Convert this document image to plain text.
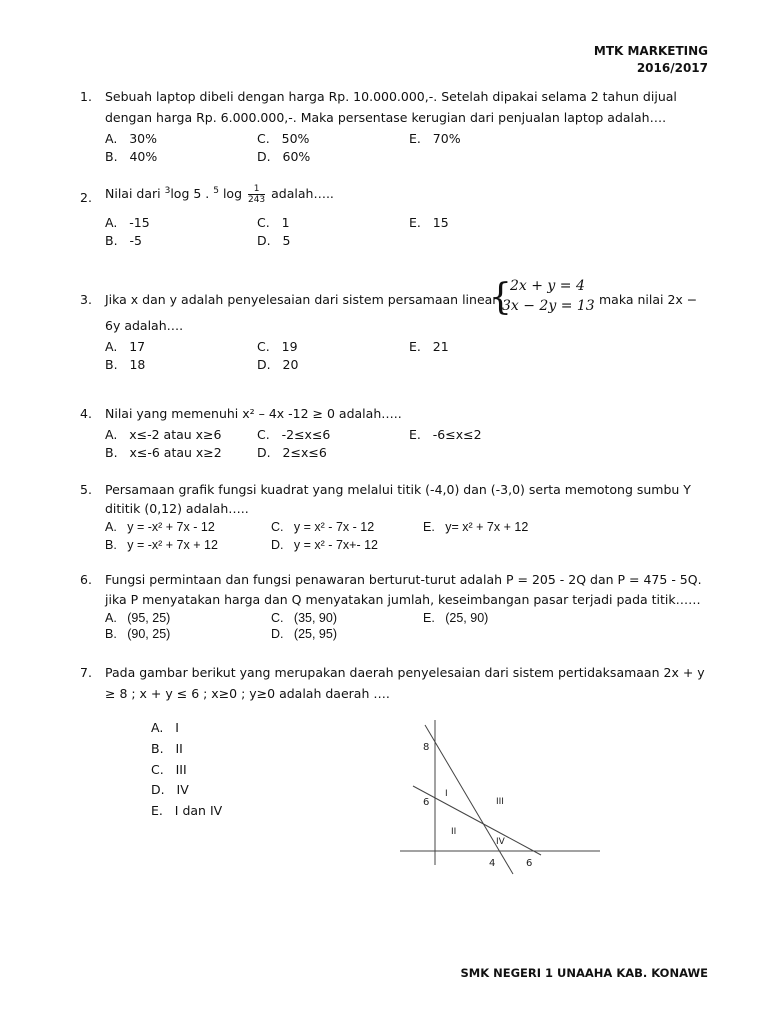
MTK MARKETING
2016/2017
1. Sebuah laptop dibeli dengan harga Rp. 10.000.000,-. Setelah dipakai selama 2 tahun dijual
dengan harga Rp. 6.000.000,-. Maka persentase kerugian dari penjualan laptop adalah….
A. 30%	C. 50%	E. 70%
B. 40%	D. 60%
2. Nilai dari $^3$log 5 . $^5$ $\log \frac{1}{243}$ adalah…..
A. -15	C. 1	E. 15
B. -5	D. 5
3. Jika x dan y adalah penyelesaian dari sistem persamaan linear
{
2x + y = 4
3x − 2y = 13 maka nilai 2x −
6y adalah….
A. 17	C. 19	E. 21
B. 18	D. 20
4. Nilai yang memenuhi x² – 4x -12 ≥ 0 adalah…..
A. x≤-2 atau x≥6	C. -2≤x≤6	E. -6≤x≤2
B. x≤-6 atau x≥2	D. 2≤x≤6
5. Persamaan grafik fungsi kuadrat yang melalui titik (-4,0) dan (-3,0) serta memotong sumbu Y
dititik (0,12) adalah…..
A. y = -x² + 7x - 12	C. y = x² - 7x - 12	E. y= x² + 7x + 12
B. y = -x² + 7x + 12	D. y = x² - 7x+- 12
6. Fungsi permintaan dan fungsi penawaran berturut-turut adalah P = 205 - 2Q dan P = 475 - 5Q.
jika P menyatakan harga dan Q menyatakan jumlah, keseimbangan pasar terjadi pada titik……
A. (95, 25)	C. (35, 90)	E. (25, 90)
B. (90, 25)	D. (25, 95)
7. Pada gambar berikut yang merupakan daerah penyelesaian dari sistem pertidaksamaan 2x + y
≥ 8 ; x + y ≤ 6 ; x≥0 ; y≥0 adalah daerah ….
A. I
B. II
C. III
D. IV
E. I dan IV
8
6
4	6
I
II
III
IV
SMK NEGERI 1 UNAAHA KAB. KONAWE
